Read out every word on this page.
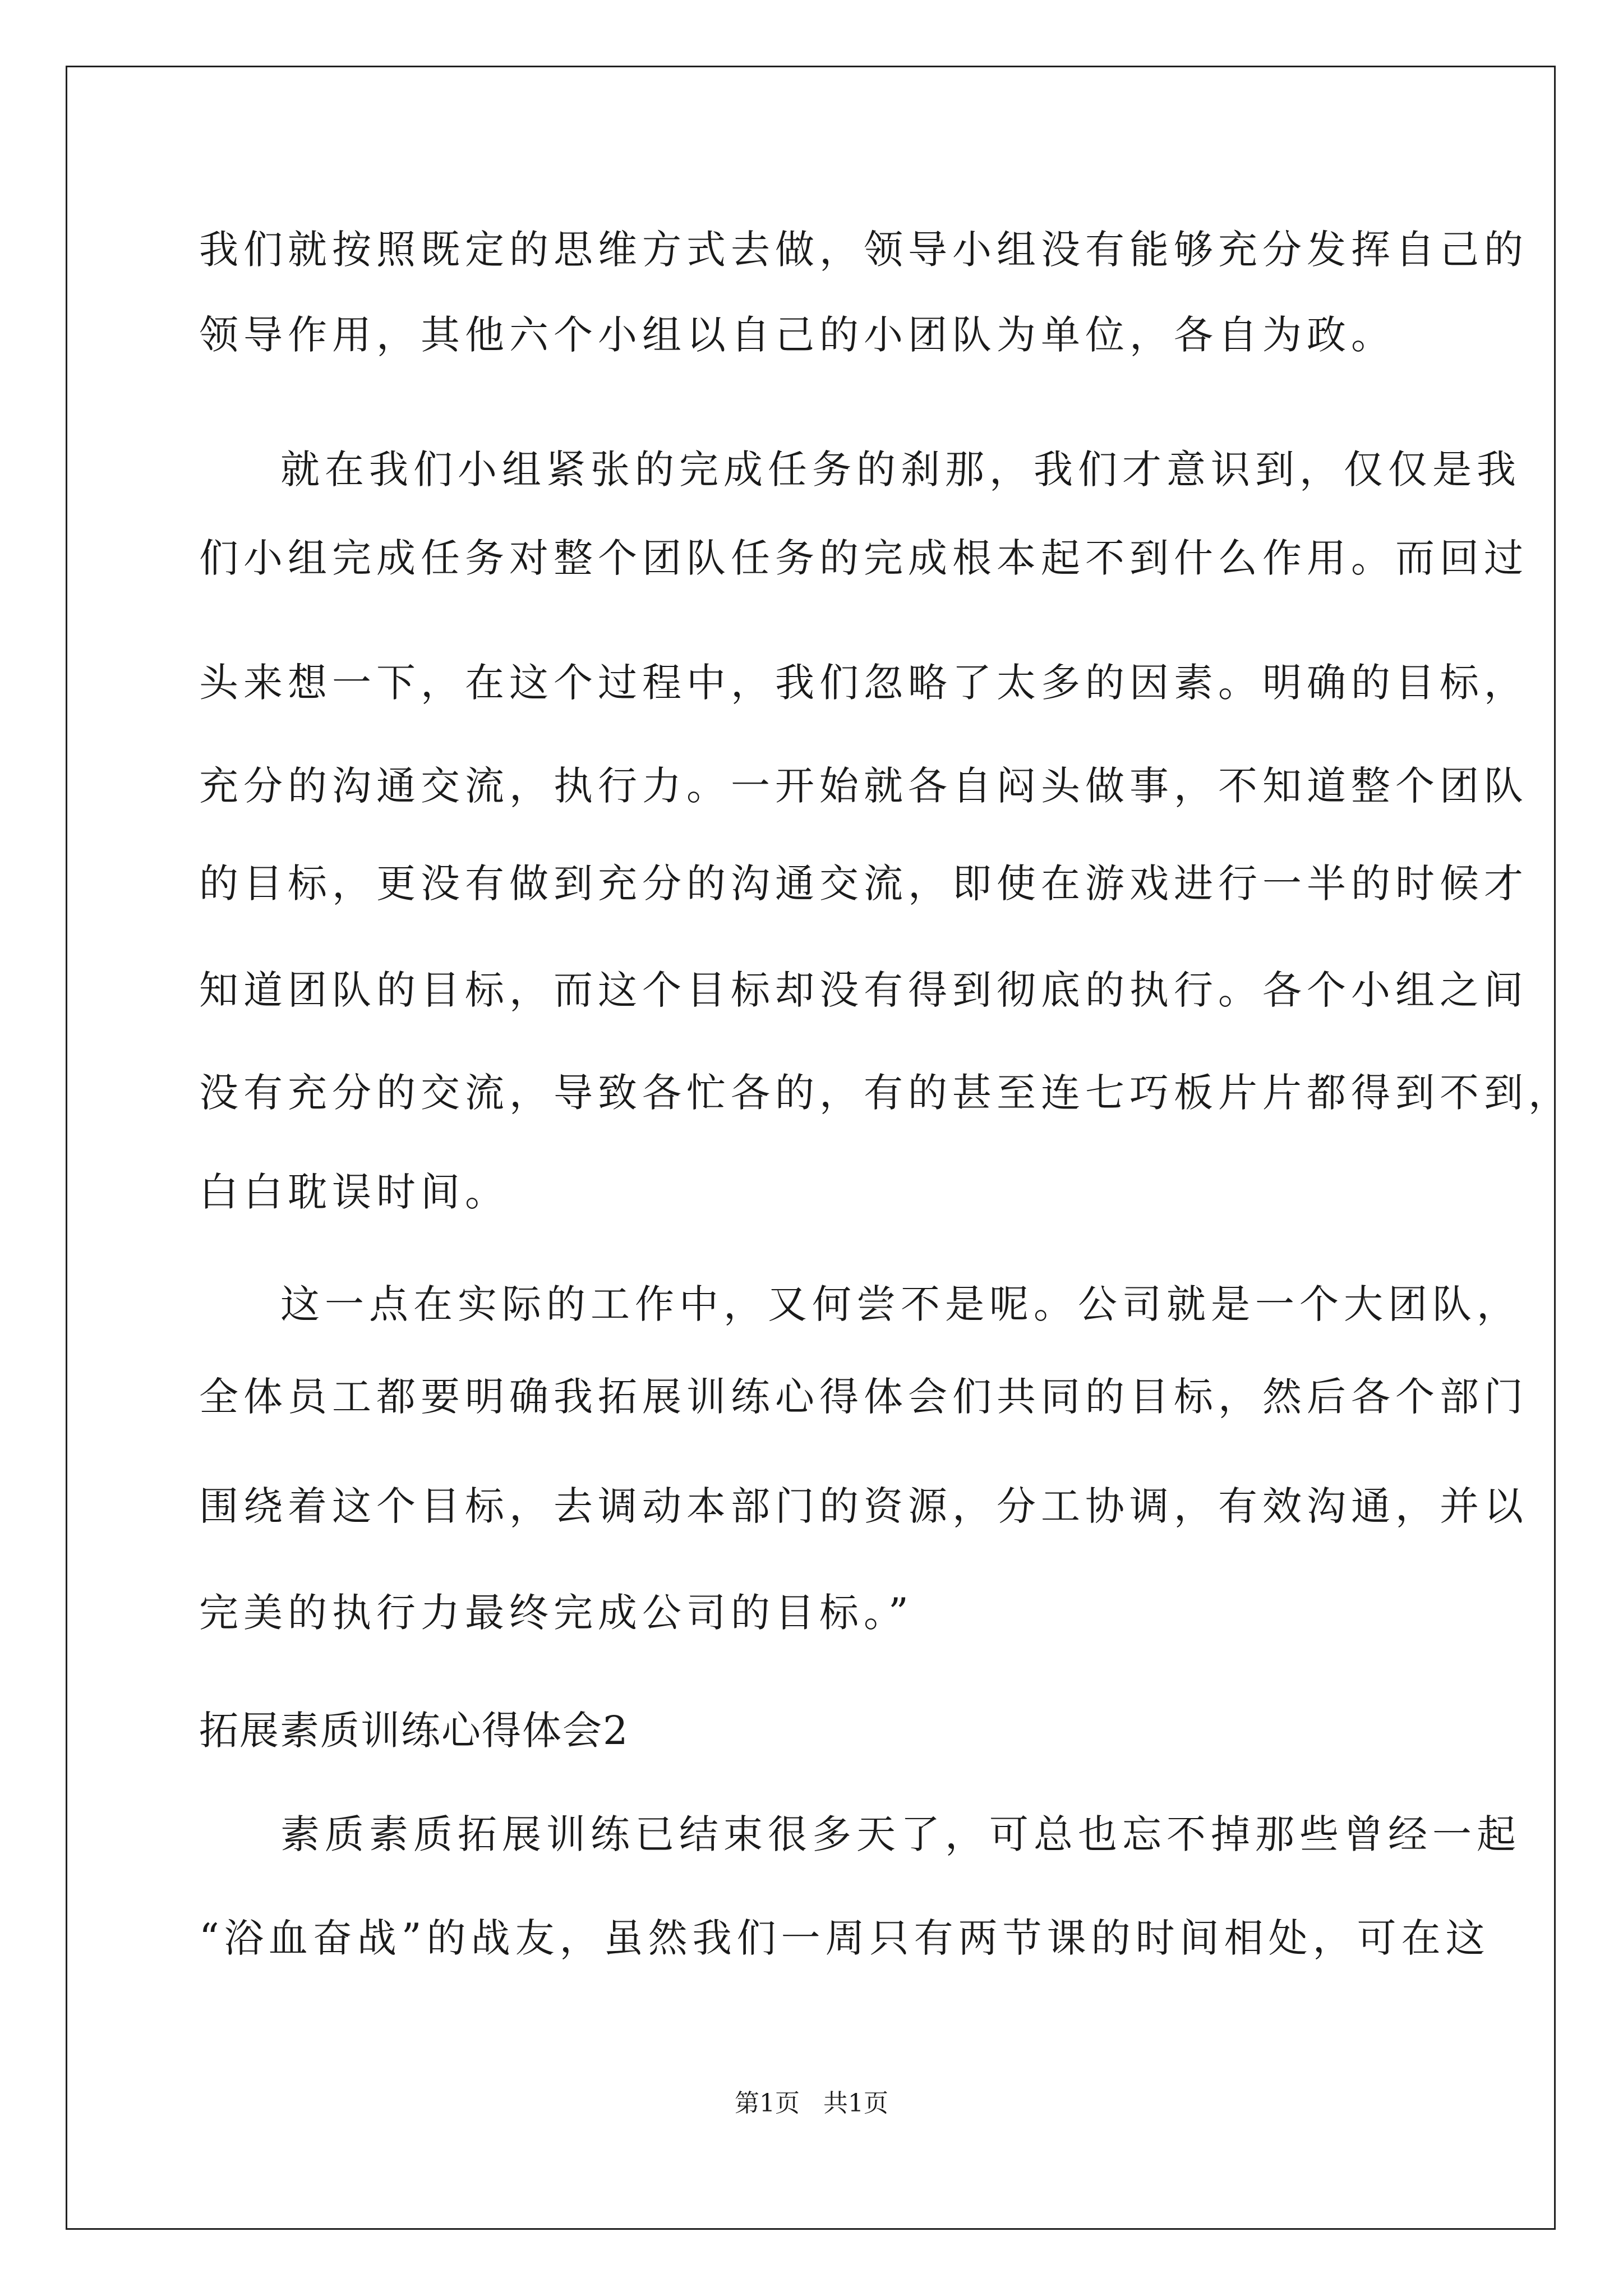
我们就按照既定的思维方式去做，领导小组没有能够充分发挥自己的
领导作用，其他六个小组以自己的小团队为单位，各自为政。
就在我们小组紧张的完成任务的刹那，我们才意识到，仅仅是我
们小组完成任务对整个团队任务的完成根本起不到什么作用。而回过
头来想一下，在这个过程中，我们忽略了太多的因素。明确的目标，
充分的沟通交流，执行力。一开始就各自闷头做事，不知道整个团队
的目标，更没有做到充分的沟通交流，即使在游戏进行一半的时候才
知道团队的目标，而这个目标却没有得到彻底的执行。各个小组之间
没有充分的交流，导致各忙各的，有的甚至连七巧板片片都得到不到，
白白耽误时间。
这一点在实际的工作中，又何尝不是呢。公司就是一个大团队，
全体员工都要明确我拓展训练心得体会们共同的目标，然后各个部门
围绕着这个目标，去调动本部门的资源，分工协调，有效沟通，并以
完美的执行力最终完成公司的目标。”
拓展素质训练心得体会2
素质素质拓展训练已结束很多天了，可总也忘不掉那些曾经一起
“浴血奋战”的战友，虽然我们一周只有两节课的时间相处，可在这
第1页   共1页
